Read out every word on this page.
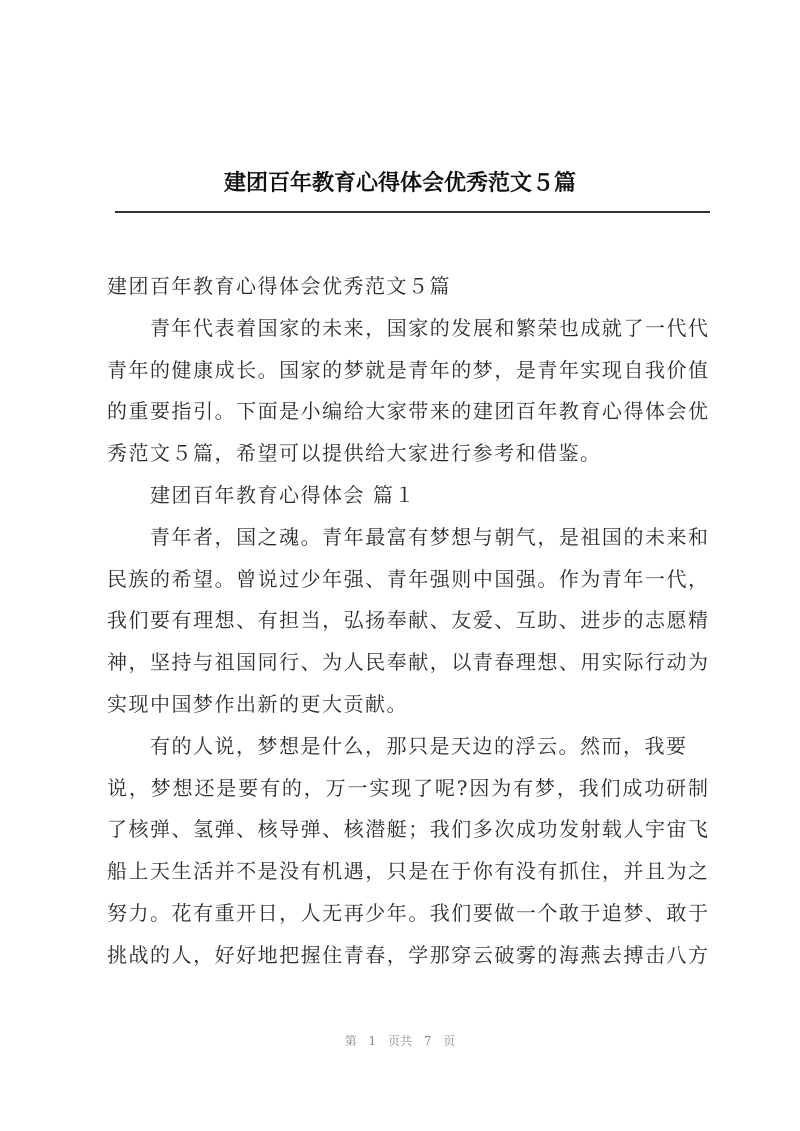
建团百年教育心得体会优秀范文５篇
建团百年教育心得体会优秀范文５篇
青年代表着国家的未来，国家的发展和繁荣也成就了一代代
青年的健康成长。国家的梦就是青年的梦，是青年实现自我价值
的重要指引。下面是小编给大家带来的建团百年教育心得体会优
秀范文５篇，希望可以提供给大家进行参考和借鉴。
建团百年教育心得体会 篇１
青年者，国之魂。青年最富有梦想与朝气，是祖国的未来和
民族的希望。曾说过少年强、青年强则中国强。作为青年一代，
我们要有理想、有担当，弘扬奉献、友爱、互助、进步的志愿精
神，坚持与祖国同行、为人民奉献，以青春理想、用实际行动为
实现中国梦作出新的更大贡献。
有的人说，梦想是什么，那只是天边的浮云。然而，我要
说，梦想还是要有的，万一实现了呢?因为有梦，我们成功研制
了核弹、氢弹、核导弹、核潜艇；我们多次成功发射载人宇宙飞
船上天生活并不是没有机遇，只是在于你有没有抓住，并且为之
努力。花有重开日，人无再少年。我们要做一个敢于追梦、敢于
挑战的人，好好地把握住青春，学那穿云破雾的海燕去搏击八方
第 1 页共 7 页
